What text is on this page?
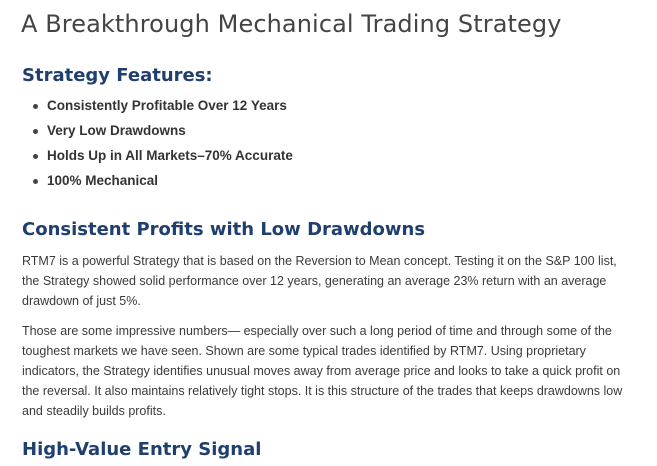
A Breakthrough Mechanical Trading Strategy
Strategy Features:
Consistently Profitable Over 12 Years
Very Low Drawdowns
Holds Up in All Markets–70% Accurate
100% Mechanical
Consistent Profits with Low Drawdowns

RTM7 is a powerful Strategy that is based on the Reversion to Mean concept. Testing it on the S&P 100 list, the Strategy showed solid performance over 12 years, generating an average 23% return with an average drawdown of just 5%.

Those are some impressive numbers— especially over such a long period of time and through some of the toughest markets we have seen. Shown are some typical trades identified by RTM7. Using proprietary indicators, the Strategy identifies unusual moves away from average price and looks to take a quick profit on the reversal. It also maintains relatively tight stops. It is this structure of the trades that keeps drawdowns low and steadily builds profits.

High-Value Entry Signal
